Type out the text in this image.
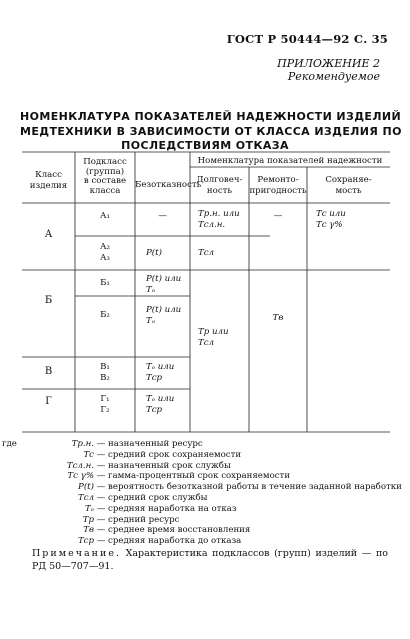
ГОСТ Р 50444—92 С. 35
ПРИЛОЖЕНИЕ 2
Рекомендуемое
НОМЕНКЛАТУРА ПОКАЗАТЕЛЕЙ НАДЕЖНОСТИ ИЗДЕЛИЙ
МЕДТЕХНИКИ В ЗАВИСИМОСТИ ОТ КЛАССА ИЗДЕЛИЯ ПО
ПОСЛЕДСТВИЯМ ОТКАЗА
Класс
изделия
Подкласс
(группа)
в составе
класса
Номенклатура показателей надежности
Безотказность
Долговеч-
ность
Ремонто-
пригодность
Сохраняе-
мость
А
Б
В
Г
А₁
А₂
А₃
Б₁
Б₂
В₁
В₂
Г₁
Г₂
—
P(t)
P(t) или
Tₒ
P(t) или
Tₒ
Tₒ или
Tср
Tₒ или
Tср
Tр.н. или
Tсл.н.
Tсл
Tр или
Tсл
—
Tв
Tс или
Tс γ%
где	Tр.н. — назначенный ресурс
Tс — средний срок сохраняемости
Tсл.н. — назначенный срок службы
Tс γ% — гамма-процентный срок сохраняемости
P(t) — вероятность безотказной работы в течение заданной наработки
Tсл — средний срок службы
Tₒ — средняя наработка на отказ
Tр — средний ресурс
Tв — среднее время восстановления
Tср — средняя наработка до отказа
Примечание. Характеристика подклассов (групп) изделий — по РД 50—707—91.
